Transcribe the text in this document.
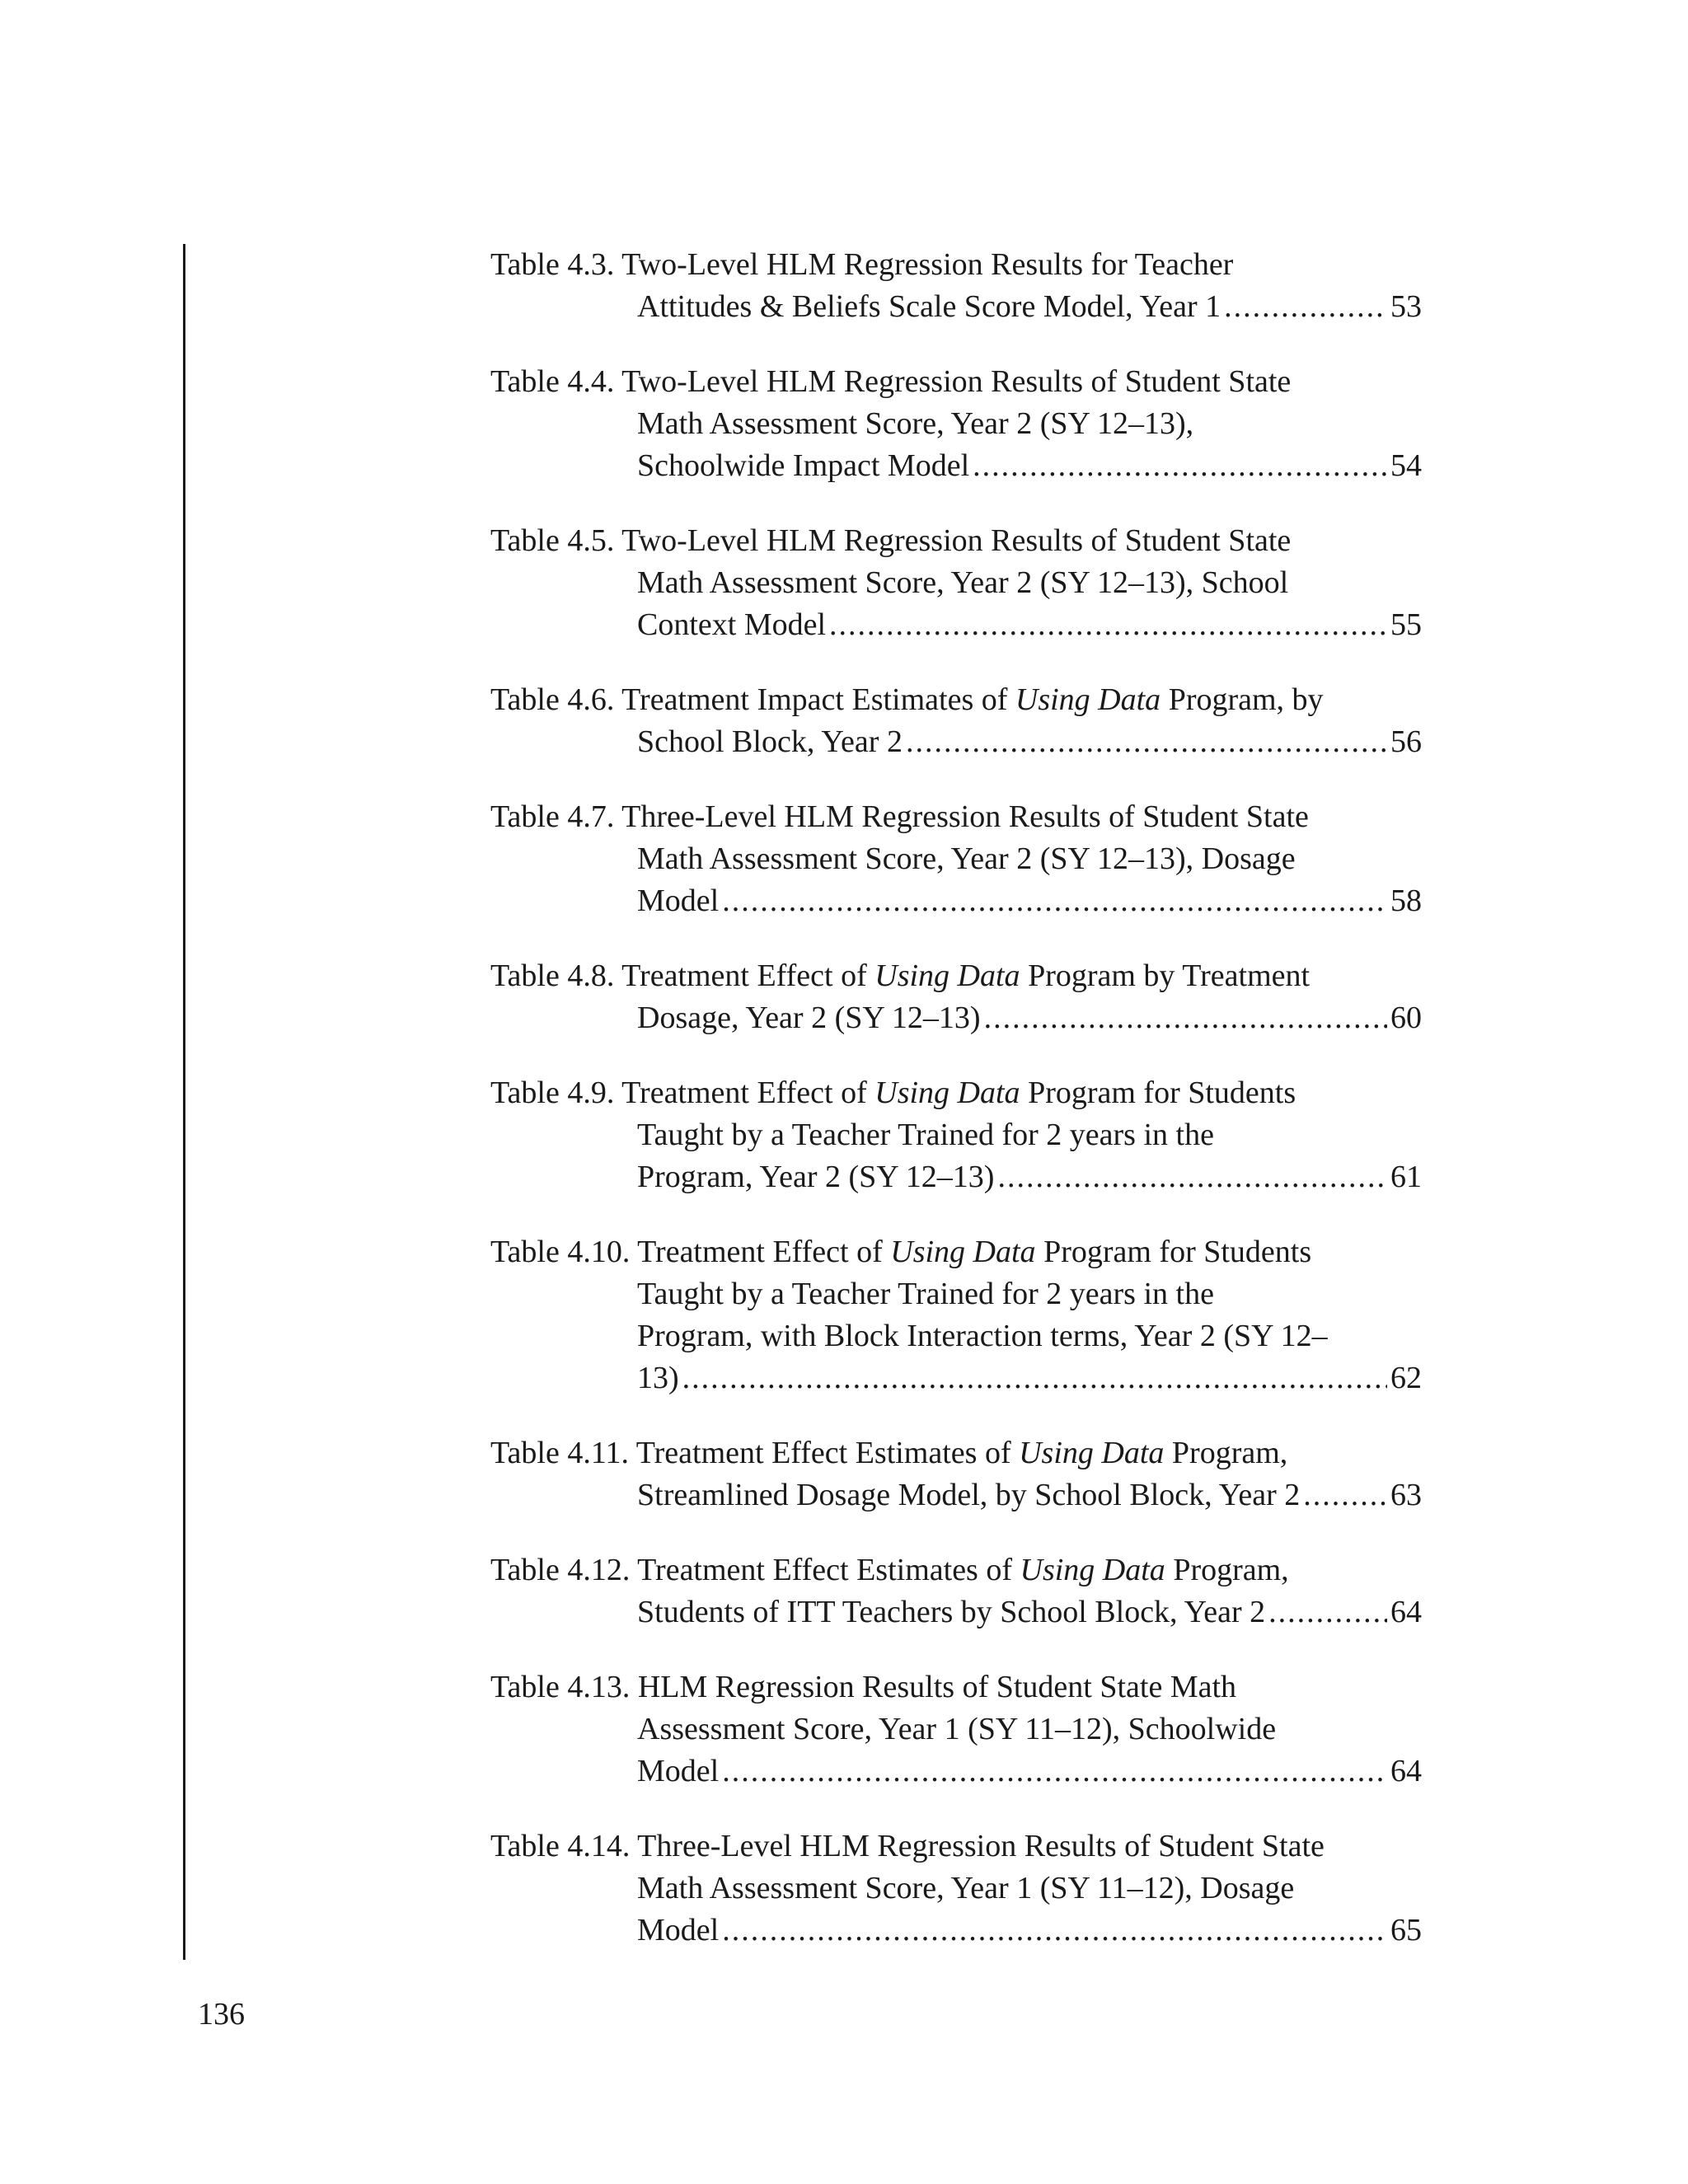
Table 4.3. Two-Level HLM Regression Results for Teacher
Attitudes & Beliefs Scale Score Model, Year 1 .....	53
Table 4.4. Two-Level HLM Regression Results of Student State
Math Assessment Score, Year 2 (SY 12–13),
Schoolwide Impact Model .....	54
Table 4.5. Two-Level HLM Regression Results of Student State
Math Assessment Score, Year 2 (SY 12–13), School
Context Model .....	55
Table 4.6. Treatment Impact Estimates of Using Data Program, by
School Block, Year 2 .....	56
Table 4.7. Three-Level HLM Regression Results of Student State
Math Assessment Score, Year 2 (SY 12–13), Dosage
Model .....	58
Table 4.8. Treatment Effect of Using Data Program by Treatment
Dosage, Year 2 (SY 12–13) .....	60
Table 4.9. Treatment Effect of Using Data Program for Students
Taught by a Teacher Trained for 2 years in the
Program, Year 2 (SY 12–13) .....	61
Table 4.10. Treatment Effect of Using Data Program for Students
Taught by a Teacher Trained for 2 years in the
Program, with Block Interaction terms, Year 2 (SY 12–
13) .....	62
Table 4.11. Treatment Effect Estimates of Using Data Program,
Streamlined Dosage Model, by School Block, Year 2 .....	63
Table 4.12. Treatment Effect Estimates of Using Data Program,
Students of ITT Teachers by School Block, Year 2 .....	64
Table 4.13. HLM Regression Results of Student State Math
Assessment Score, Year 1 (SY 11–12), Schoolwide
Model .....	64
Table 4.14. Three-Level HLM Regression Results of Student State
Math Assessment Score, Year 1 (SY 11–12), Dosage
Model .....	65
136
